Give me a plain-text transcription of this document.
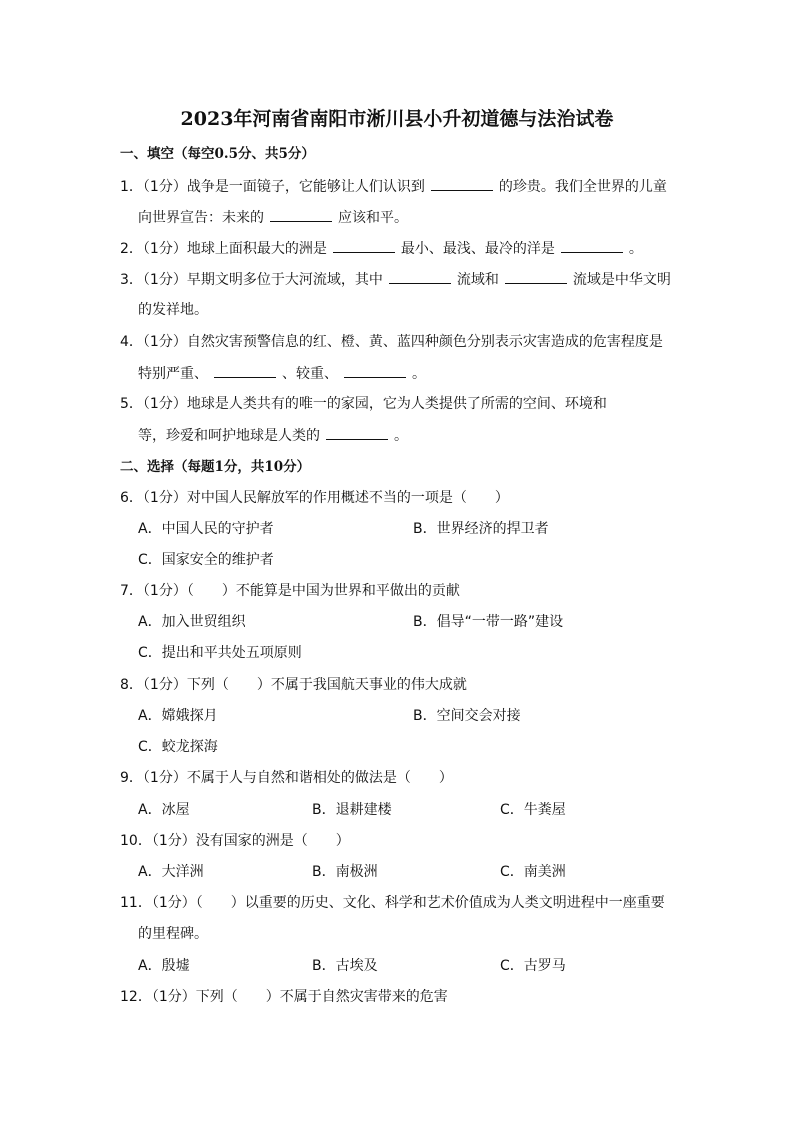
2023年河南省南阳市淅川县小升初道德与法治试卷
一、填空（每空0.5分、共5分）
1．（1分）战争是一面镜子，它能够让人们认识到	的珍贵。我们全世界的儿童
向世界宣告：未来的	应该和平。
2．（1分）地球上面积最大的洲是	最小、最浅、最冷的洋是	。
3．（1分）早期文明多位于大河流域，其中	流域和	流域是中华文明
的发祥地。
4．（1分）自然灾害预警信息的红、橙、黄、蓝四种颜色分别表示灾害造成的危害程度是
特别严重、	、较重、	。
5．（1分）地球是人类共有的唯一的家园，它为人类提供了所需的空间、环境和
等，珍爱和呵护地球是人类的	。
二、选择（每题1分，共10分）
6．（1分）对中国人民解放军的作用概述不当的一项是（　　）
A．中国人民的守护者	B．世界经济的捍卫者
C．国家安全的维护者
7．（1分）（　　）不能算是中国为世界和平做出的贡献
A．加入世贸组织	B．倡导“一带一路”建设
C．提出和平共处五项原则
8．（1分）下列（　　）不属于我国航天事业的伟大成就
A．嫦娥探月	B．空间交会对接
C．蛟龙探海
9．（1分）不属于人与自然和谐相处的做法是（　　）
A．冰屋	B．退耕建楼	C．牛粪屋
10．（1分）没有国家的洲是（　　）
A．大洋洲	B．南极洲	C．南美洲
11．（1分）（　　）以重要的历史、文化、科学和艺术价值成为人类文明进程中一座重要
的里程碑。
A．殷墟	B．古埃及	C．古罗马
12．（1分）下列（　　）不属于自然灾害带来的危害
